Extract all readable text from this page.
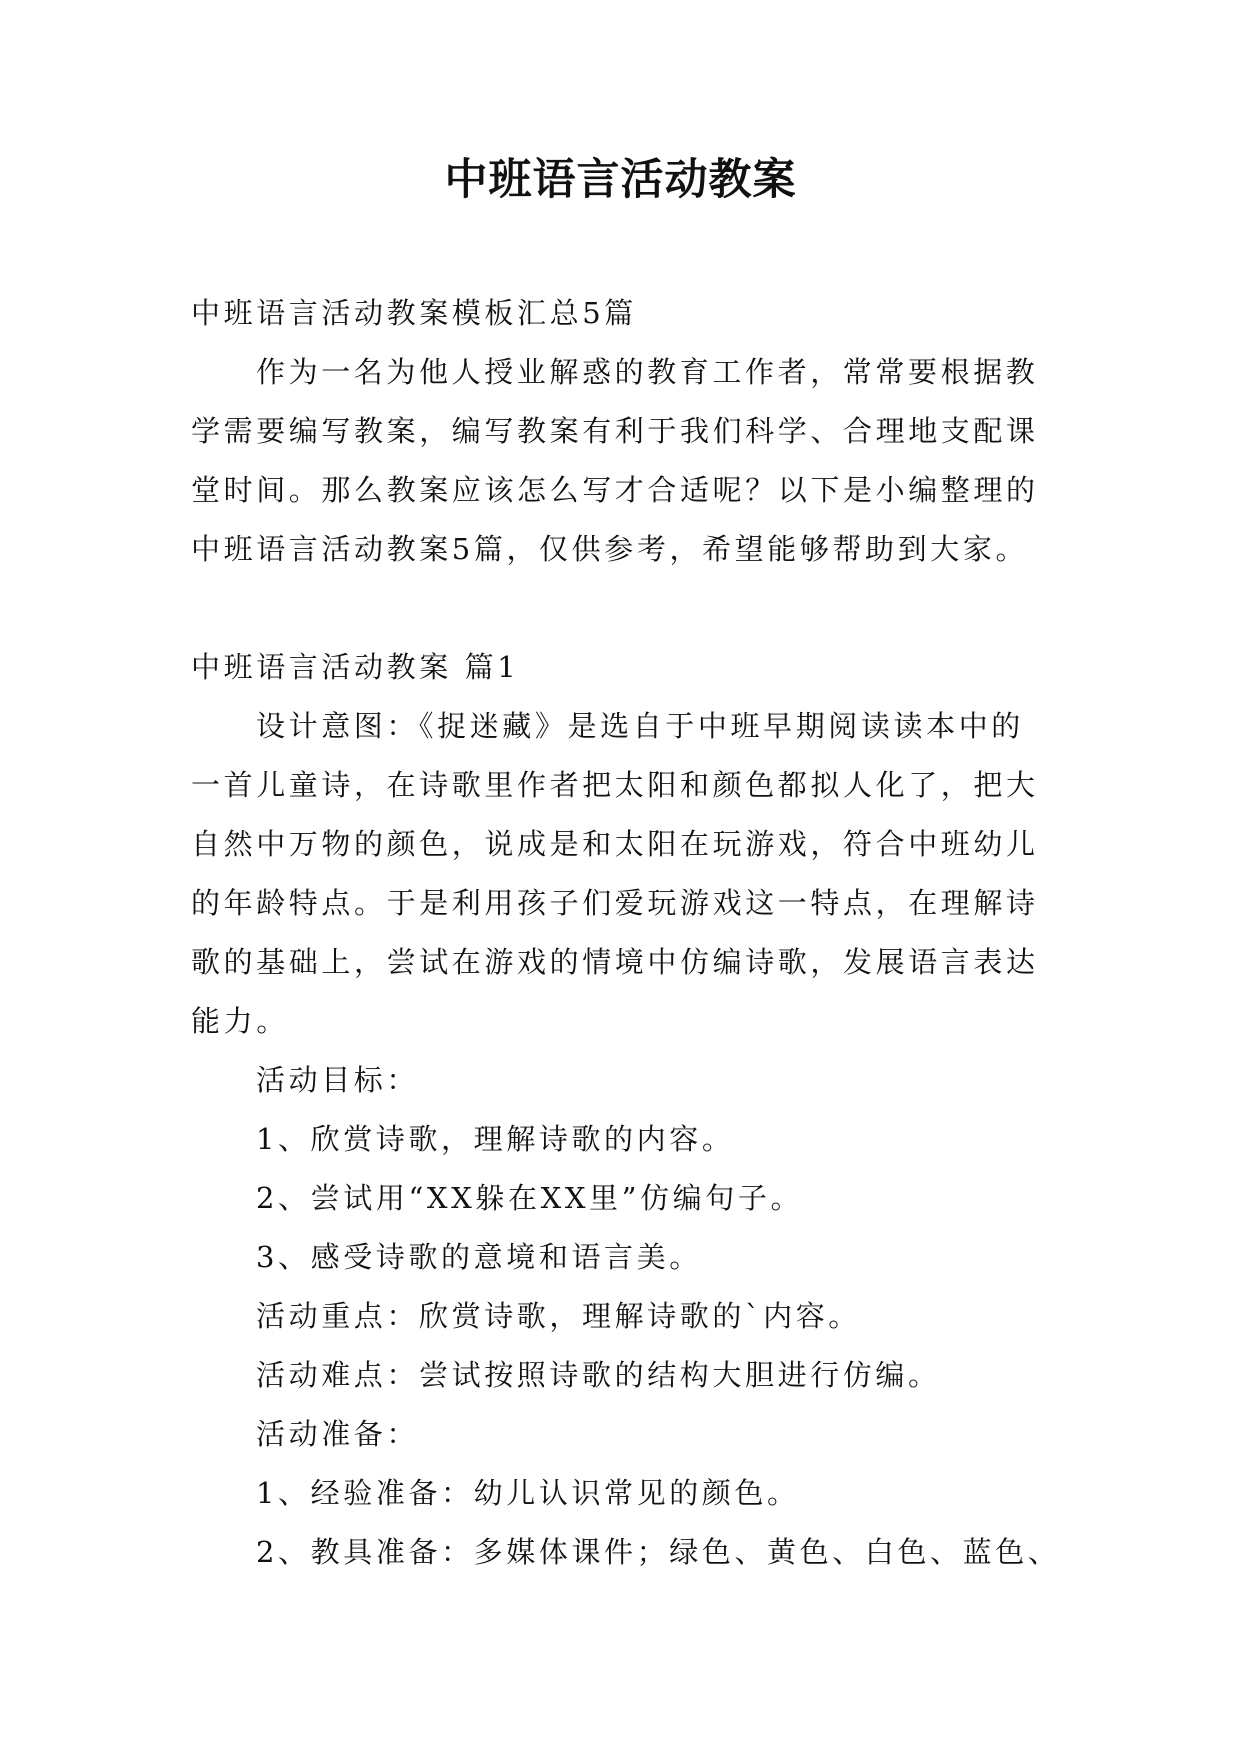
中班语言活动教案

中班语言活动教案模板汇总5篇

作为一名为他人授业解惑的教育工作者，常常要根据教

学需要编写教案，编写教案有利于我们科学、合理地支配课

堂时间。那么教案应该怎么写才合适呢？以下是小编整理的

中班语言活动教案5篇，仅供参考，希望能够帮助到大家。

中班语言活动教案 篇1

设计意图：《捉迷藏》是选自于中班早期阅读读本中的

一首儿童诗，在诗歌里作者把太阳和颜色都拟人化了，把大

自然中万物的颜色，说成是和太阳在玩游戏，符合中班幼儿

的年龄特点。于是利用孩子们爱玩游戏这一特点，在理解诗

歌的基础上，尝试在游戏的情境中仿编诗歌，发展语言表达

能力。

活动目标：

1、欣赏诗歌，理解诗歌的内容。

2、尝试用“XX躲在XX里”仿编句子。

3、感受诗歌的意境和语言美。

活动重点：欣赏诗歌，理解诗歌的`内容。

活动难点：尝试按照诗歌的结构大胆进行仿编。

活动准备：

1、经验准备：幼儿认识常见的颜色。

2、教具准备：多媒体课件；绿色、黄色、白色、蓝色、
